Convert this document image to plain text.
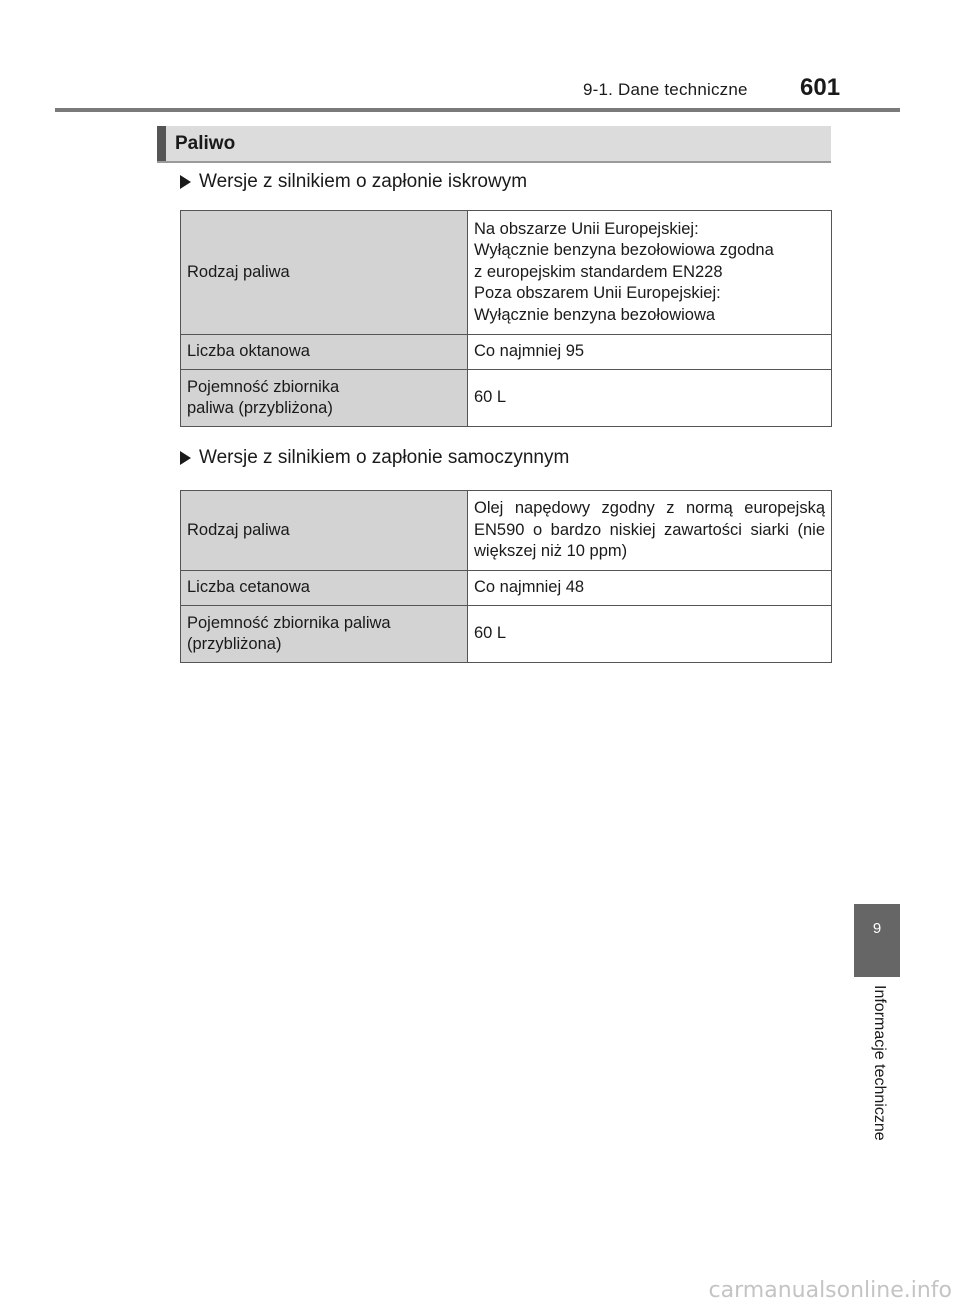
9-1. Dane techniczne 601
Paliwo
Wersje z silnikiem o zapłonie iskrowym
Rodzaj paliwa	Na obszarze Unii Europejskiej:
Wyłącznie benzyna bezołowiowa zgodna
z europejskim standardem EN228
Poza obszarem Unii Europejskiej:
Wyłącznie benzyna bezołowiowa

Liczba oktanowa	Co najmniej 95

Pojemność zbiornika
paliwa (przybliżona)	60 L
Wersje z silnikiem o zapłonie samoczynnym
Rodzaj paliwa	Olej napędowy zgodny z normą europejską EN590 o bardzo niskiej zawartości siarki (nie większej niż 10 ppm)
Liczba cetanowa	Co najmniej 48

Pojemność zbiornika paliwa
(przybliżona)	60 L
9
Informacje techniczne
carmanualsonline.info
